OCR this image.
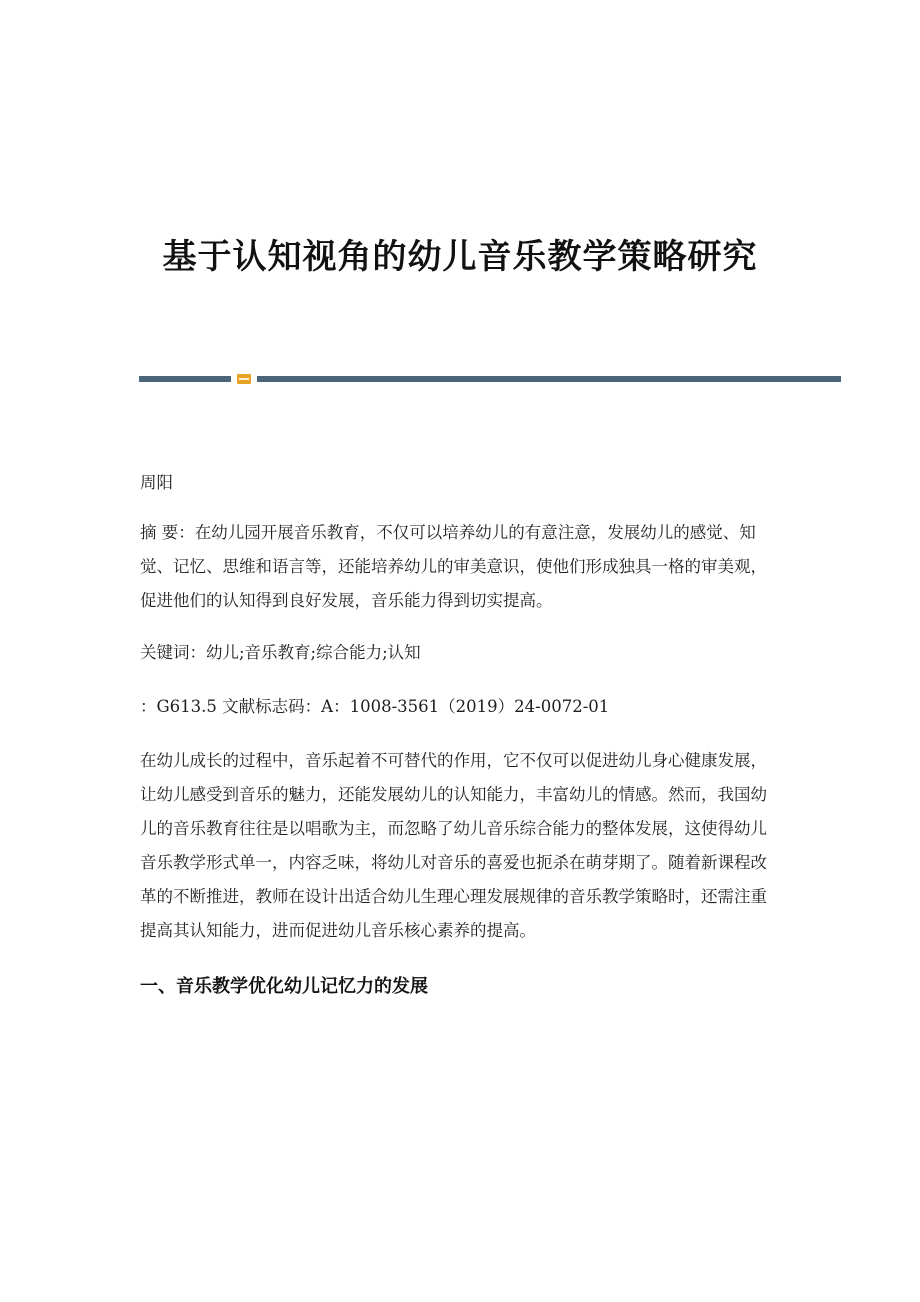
基于认知视角的幼儿音乐教学策略研究

周阳

摘 要：在幼儿园开展音乐教育，不仅可以培养幼儿的有意注意，发展幼儿的感觉、知觉、记忆、思维和语言等，还能培养幼儿的审美意识，使他们形成独具一格的审美观，促进他们的认知得到良好发展，音乐能力得到切实提高。

关键词：幼儿;音乐教育;综合能力;认知

：G613.5 文献标志码：A：1008-3561（2019）24-0072-01

在幼儿成长的过程中，音乐起着不可替代的作用，它不仅可以促进幼儿身心健康发展，让幼儿感受到音乐的魅力，还能发展幼儿的认知能力，丰富幼儿的情感。然而，我国幼儿的音乐教育往往是以唱歌为主，而忽略了幼儿音乐综合能力的整体发展，这使得幼儿音乐教学形式单一，内容乏味，将幼儿对音乐的喜爱也扼杀在萌芽期了。随着新课程改革的不断推进，教师在设计出适合幼儿生理心理发展规律的音乐教学策略时，还需注重提高其认知能力，进而促进幼儿音乐核心素养的提高。

一、音乐教学优化幼儿记忆力的发展
